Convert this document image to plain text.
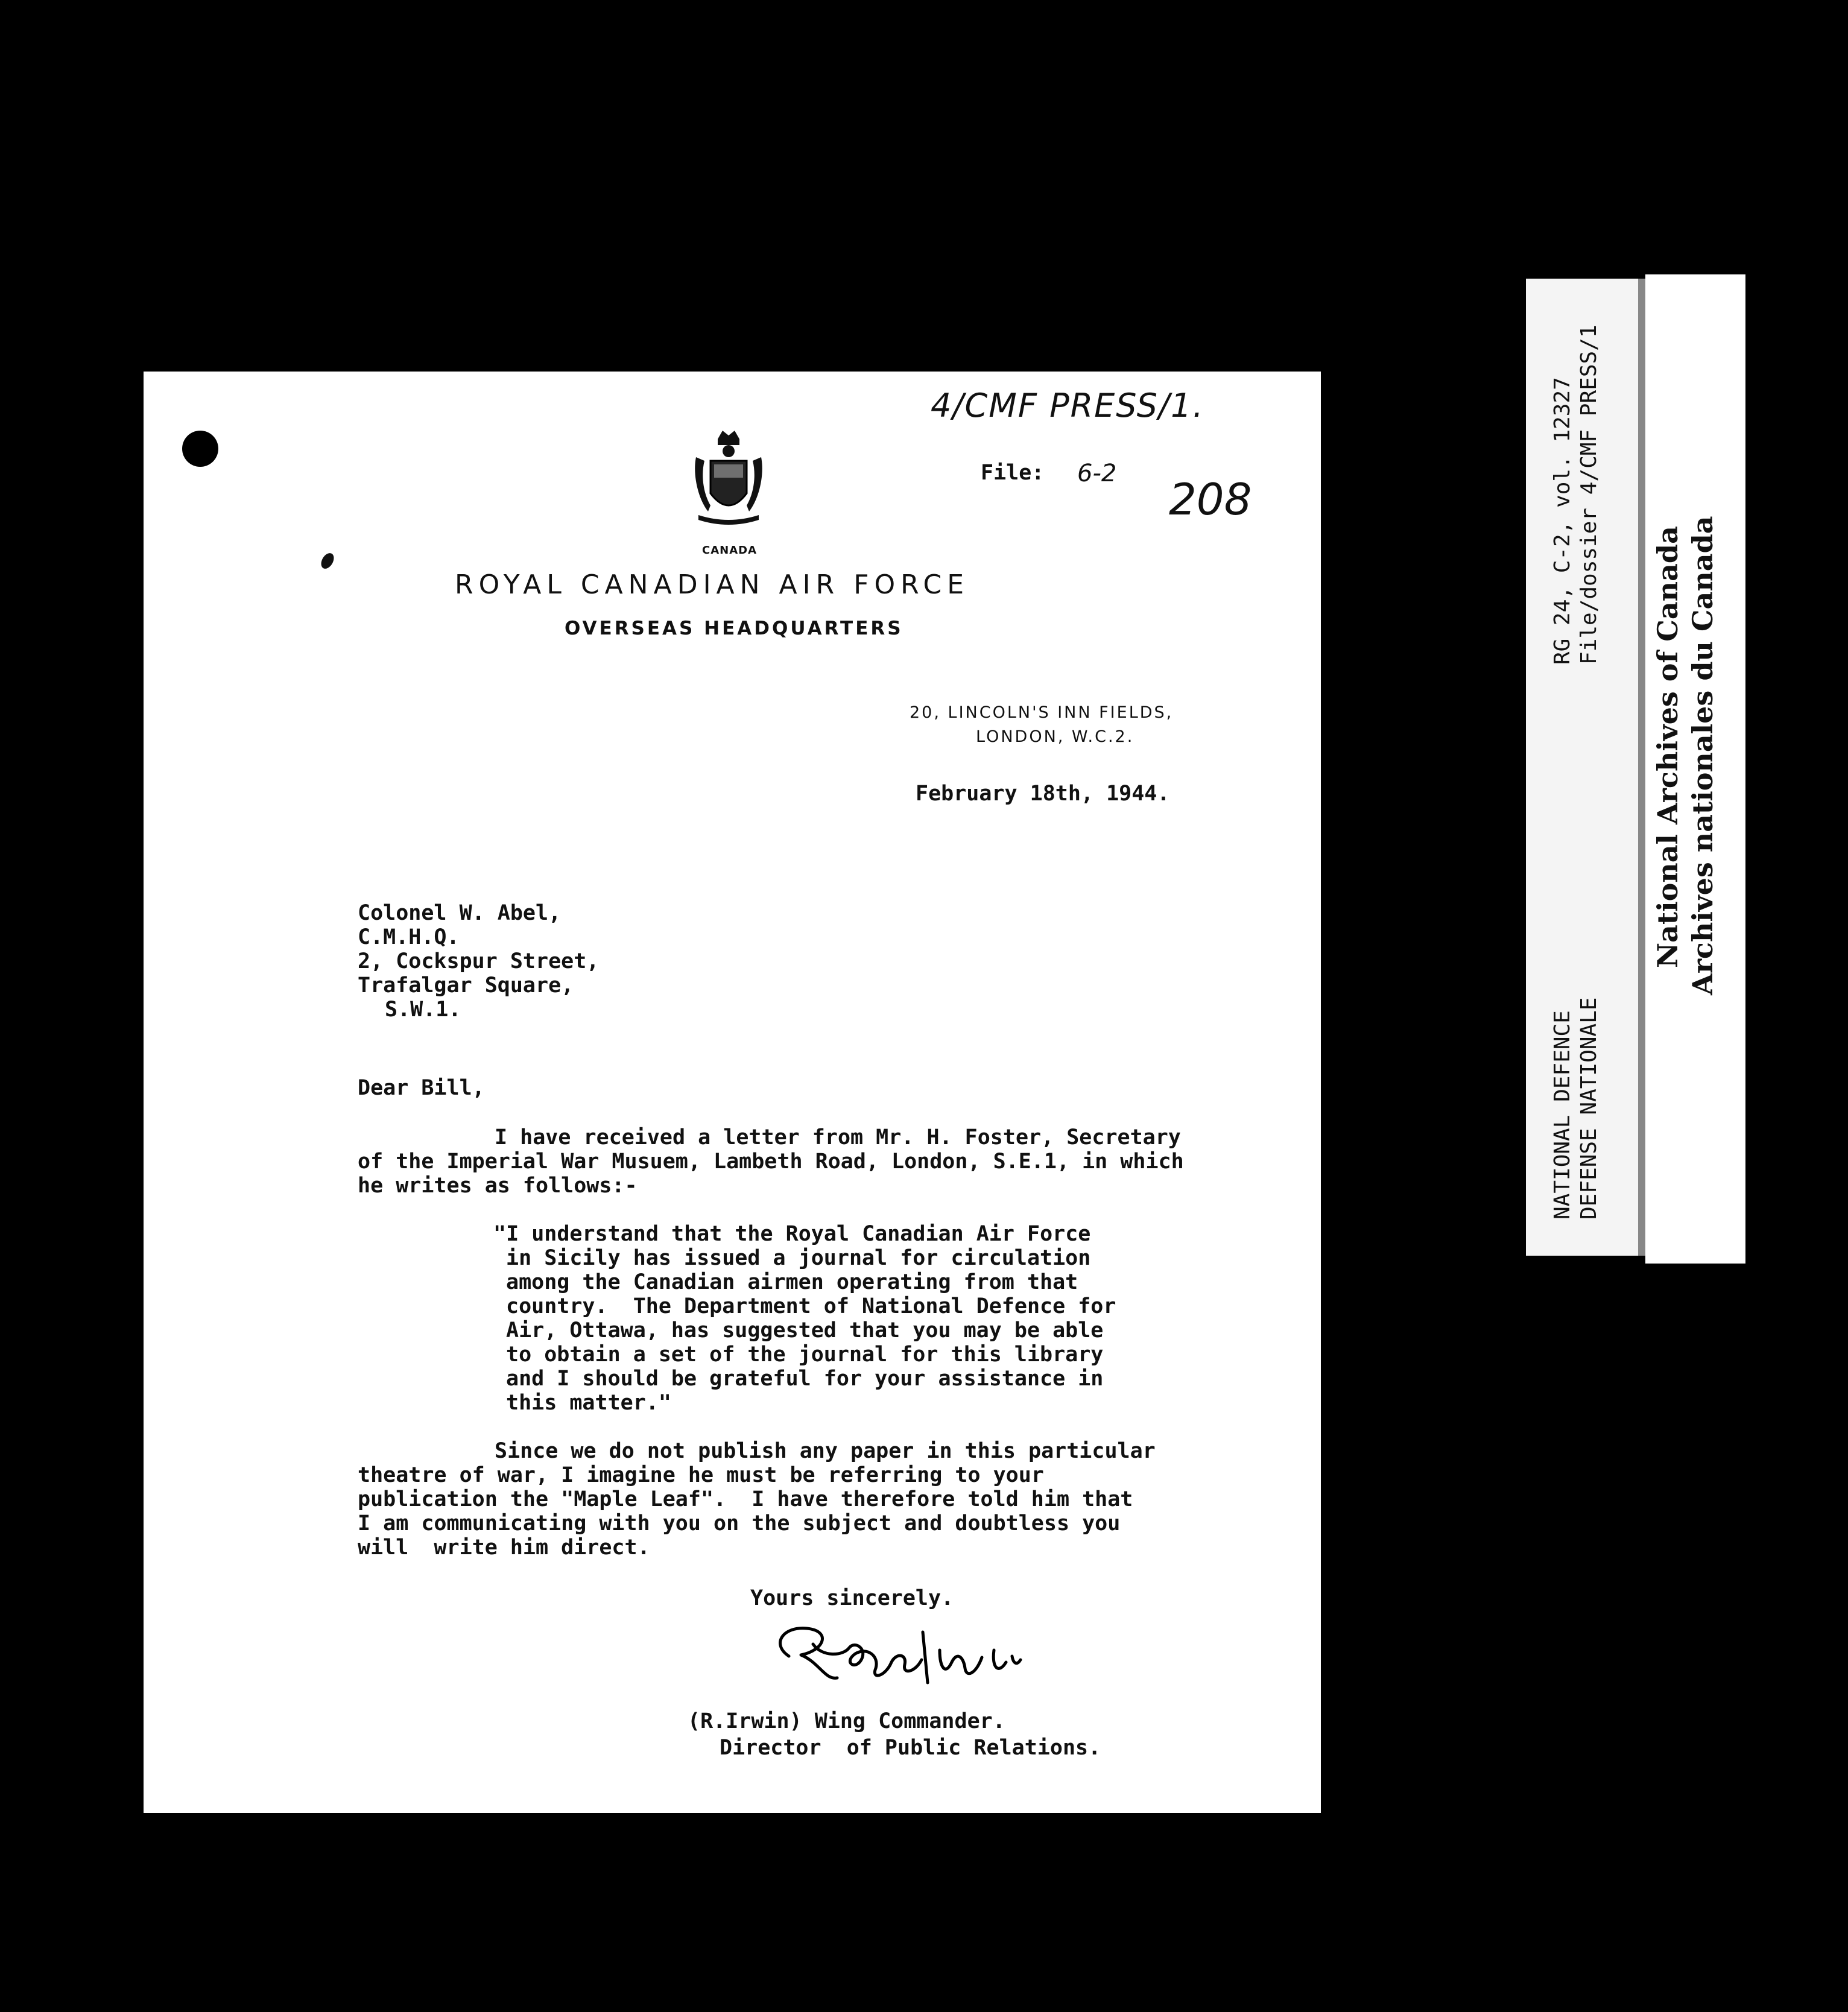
4/CMF PRESS/1.
File: 6-2
208
CANADA
ROYAL CANADIAN AIR FORCE
OVERSEAS HEADQUARTERS
20, LINCOLN'S INN FIELDS,
LONDON, W.C.2.
February 18th, 1944.
Colonel W. Abel,
C.M.H.Q.
2, Cockspur Street,
Trafalgar Square,
S.W.1.
Dear Bill,
I have received a letter from Mr. H. Foster, Secretary
of the Imperial War Musuem, Lambeth Road, London, S.E.1, in which
he writes as follows:-
"I understand that the Royal Canadian Air Force
in Sicily has issued a journal for circulation
among the Canadian airmen operating from that
country.  The Department of National Defence for
Air, Ottawa, has suggested that you may be able
to obtain a set of the journal for this library
and I should be grateful for your assistance in
this matter."
Since we do not publish any paper in this particular
theatre of war, I imagine he must be referring to your
publication the "Maple Leaf".  I have therefore told him that
I am communicating with you on the subject and doubtless you
will  write him direct.
Yours sincerely.
(R.Irwin) Wing Commander.
Director  of Public Relations.
RG 24, C-2, vol. 12327 File/dossier 4/CMF PRESS/1
NATIONAL DEFENCE DEFENSE NATIONALE
National Archives of Canada Archives nationales du Canada
